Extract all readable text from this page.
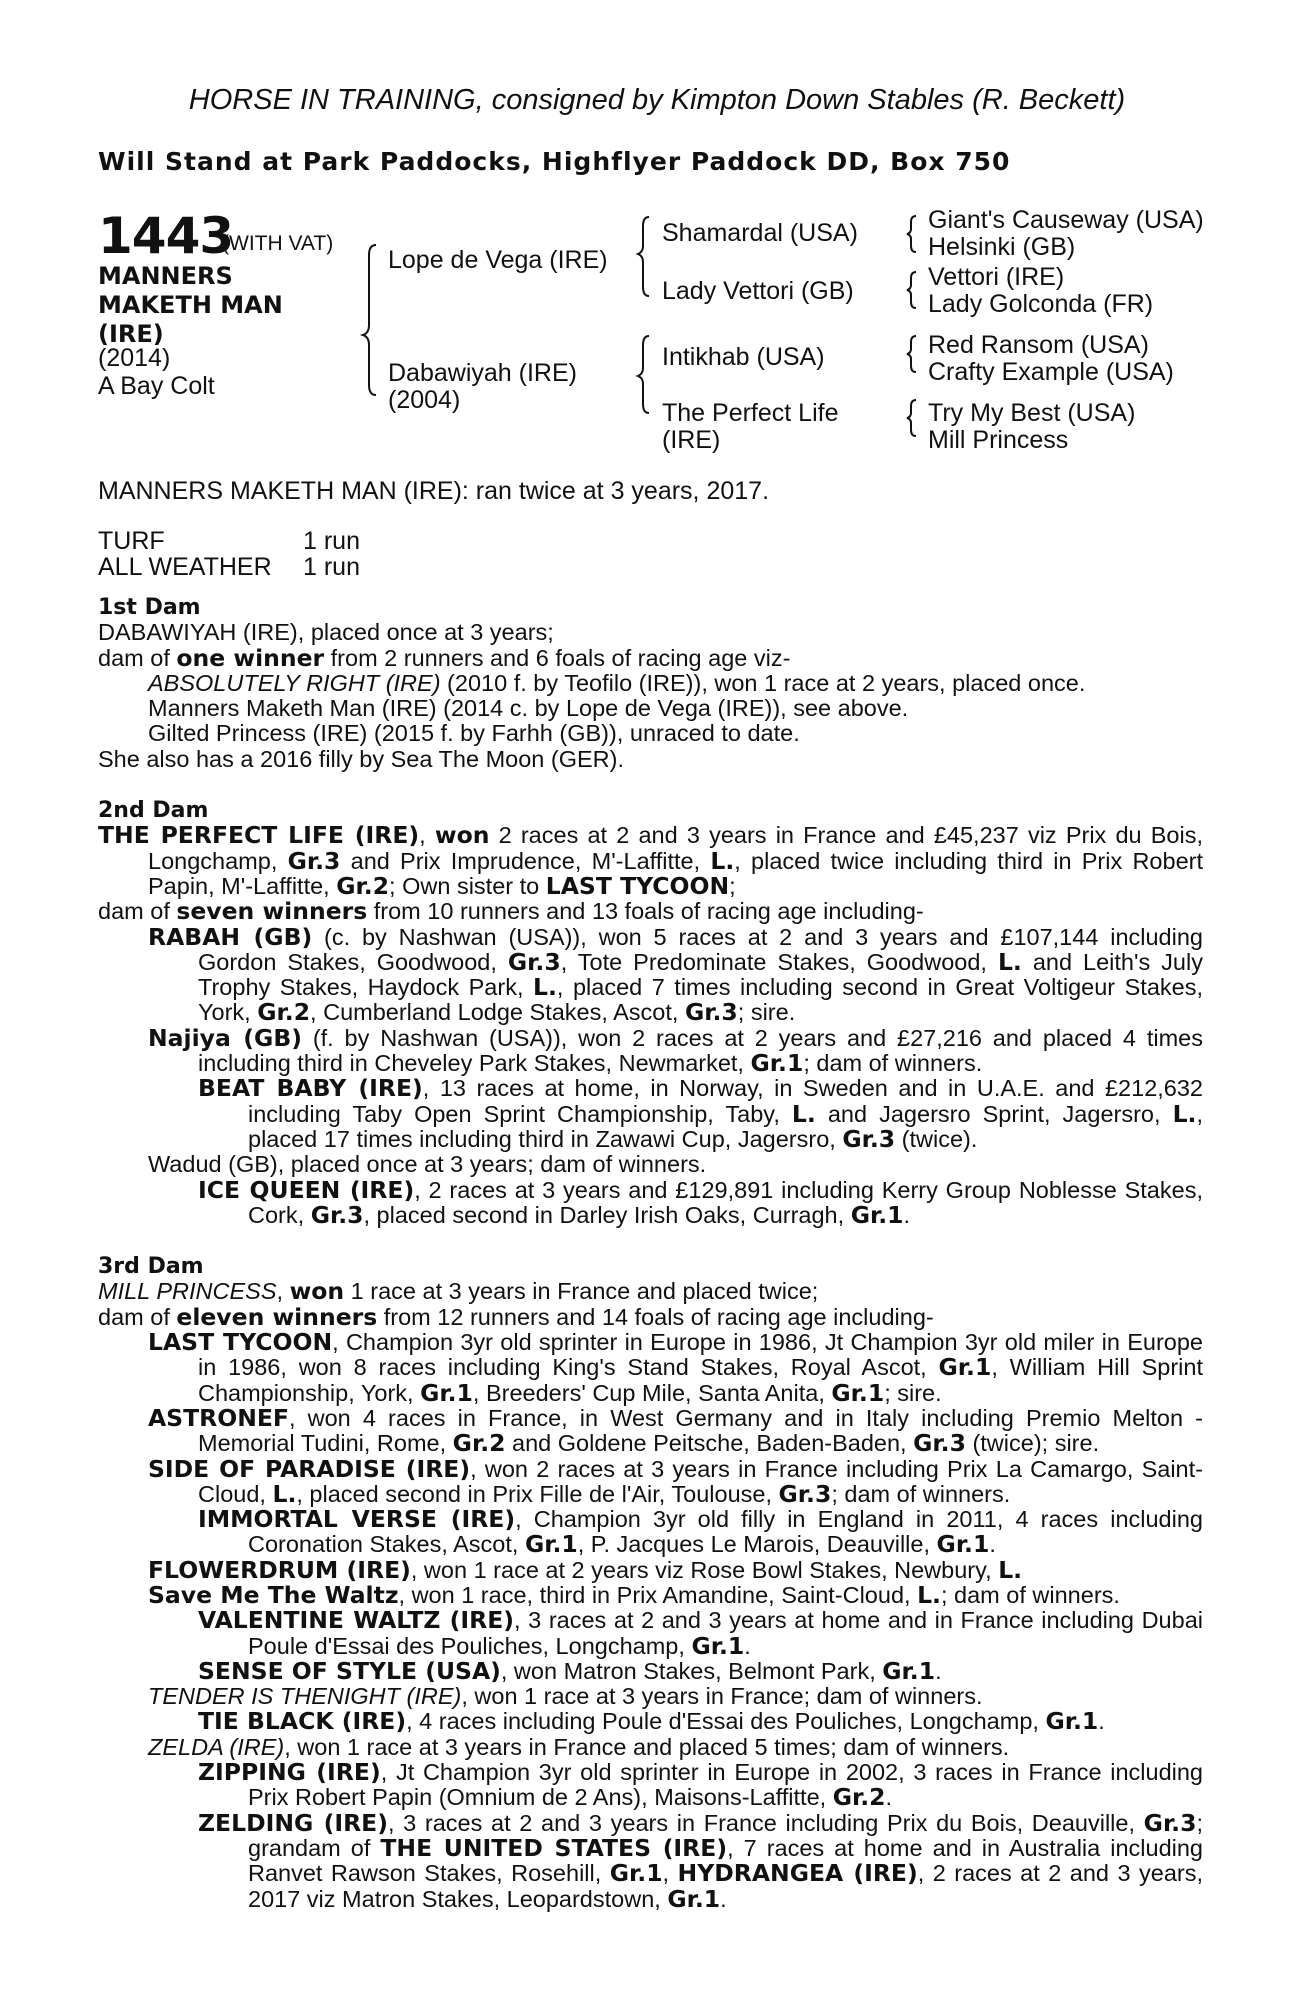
HORSE IN TRAINING, consigned by Kimpton Down Stables (R. Beckett)
Will Stand at Park Paddocks, Highflyer Paddock DD, Box 750
1443
(WITH VAT)
MANNERS
MAKETH MAN
(IRE)
(2014)
A Bay Colt
Lope de Vega (IRE)
Dabawiyah (IRE)
(2004)
Shamardal (USA)
Lady Vettori (GB)
Intikhab (USA)
The Perfect Life
(IRE)
Giant's Causeway (USA)
Helsinki (GB)
Vettori (IRE)
Lady Golconda (FR)
Red Ransom (USA)
Crafty Example (USA)
Try My Best (USA)
Mill Princess
MANNERS MAKETH MAN (IRE): ran twice at 3 years, 2017.
TURF	1 run
ALL WEATHER 1 run

1st Dam

DABAWIYAH (IRE), placed once at 3 years;

dam of one winner from 2 runners and 6 foals of racing age viz-

ABSOLUTELY RIGHT (IRE) (2010 f. by Teofilo (IRE)), won 1 race at 2 years, placed once.

Manners Maketh Man (IRE) (2014 c. by Lope de Vega (IRE)), see above.

Gilted Princess (IRE) (2015 f. by Farhh (GB)), unraced to date.

She also has a 2016 filly by Sea The Moon (GER).

2nd Dam

THE PERFECT LIFE (IRE), won 2 races at 2 and 3 years in France and £45,237 viz Prix du Bois, Longchamp, Gr.3 and Prix Imprudence, M'-Laffitte, L., placed twice including third in Prix Robert Papin, M'-Laffitte, Gr.2; Own sister to LAST TYCOON;

dam of seven winners from 10 runners and 13 foals of racing age including-

RABAH (GB) (c. by Nashwan (USA)), won 5 races at 2 and 3 years and £107,144 including Gordon Stakes, Goodwood, Gr.3, Tote Predominate Stakes, Goodwood, L. and Leith's July Trophy Stakes, Haydock Park, L., placed 7 times including second in Great Voltigeur Stakes, York, Gr.2, Cumberland Lodge Stakes, Ascot, Gr.3; sire.

Najiya (GB) (f. by Nashwan (USA)), won 2 races at 2 years and £27,216 and placed 4 times including third in Cheveley Park Stakes, Newmarket, Gr.1; dam of winners.

BEAT BABY (IRE), 13 races at home, in Norway, in Sweden and in U.A.E. and £212,632 including Taby Open Sprint Championship, Taby, L. and Jagersro Sprint, Jagersro, L., placed 17 times including third in Zawawi Cup, Jagersro, Gr.3 (twice).

Wadud (GB), placed once at 3 years; dam of winners.

ICE QUEEN (IRE), 2 races at 3 years and £129,891 including Kerry Group Noblesse Stakes, Cork, Gr.3, placed second in Darley Irish Oaks, Curragh, Gr.1.

3rd Dam

MILL PRINCESS, won 1 race at 3 years in France and placed twice;

dam of eleven winners from 12 runners and 14 foals of racing age including-

LAST TYCOON, Champion 3yr old sprinter in Europe in 1986, Jt Champion 3yr old miler in Europe in 1986, won 8 races including King's Stand Stakes, Royal Ascot, Gr.1, William Hill Sprint Championship, York, Gr.1, Breeders' Cup Mile, Santa Anita, Gr.1; sire.

ASTRONEF, won 4 races in France, in West Germany and in Italy including Premio Melton - Memorial Tudini, Rome, Gr.2 and Goldene Peitsche, Baden-Baden, Gr.3 (twice); sire.

SIDE OF PARADISE (IRE), won 2 races at 3 years in France including Prix La Camargo, Saint-Cloud, L., placed second in Prix Fille de l'Air, Toulouse, Gr.3; dam of winners.

IMMORTAL VERSE (IRE), Champion 3yr old filly in England in 2011, 4 races including Coronation Stakes, Ascot, Gr.1, P. Jacques Le Marois, Deauville, Gr.1.

FLOWERDRUM (IRE), won 1 race at 2 years viz Rose Bowl Stakes, Newbury, L.

Save Me The Waltz, won 1 race, third in Prix Amandine, Saint-Cloud, L.; dam of winners.

VALENTINE WALTZ (IRE), 3 races at 2 and 3 years at home and in France including Dubai Poule d'Essai des Pouliches, Longchamp, Gr.1.

SENSE OF STYLE (USA), won Matron Stakes, Belmont Park, Gr.1.

TENDER IS THENIGHT (IRE), won 1 race at 3 years in France; dam of winners.

TIE BLACK (IRE), 4 races including Poule d'Essai des Pouliches, Longchamp, Gr.1.

ZELDA (IRE), won 1 race at 3 years in France and placed 5 times; dam of winners.

ZIPPING (IRE), Jt Champion 3yr old sprinter in Europe in 2002, 3 races in France including Prix Robert Papin (Omnium de 2 Ans), Maisons-Laffitte, Gr.2.

ZELDING (IRE), 3 races at 2 and 3 years in France including Prix du Bois, Deauville, Gr.3; grandam of THE UNITED STATES (IRE), 7 races at home and in Australia including Ranvet Rawson Stakes, Rosehill, Gr.1, HYDRANGEA (IRE), 2 races at 2 and 3 years, 2017 viz Matron Stakes, Leopardstown, Gr.1.
